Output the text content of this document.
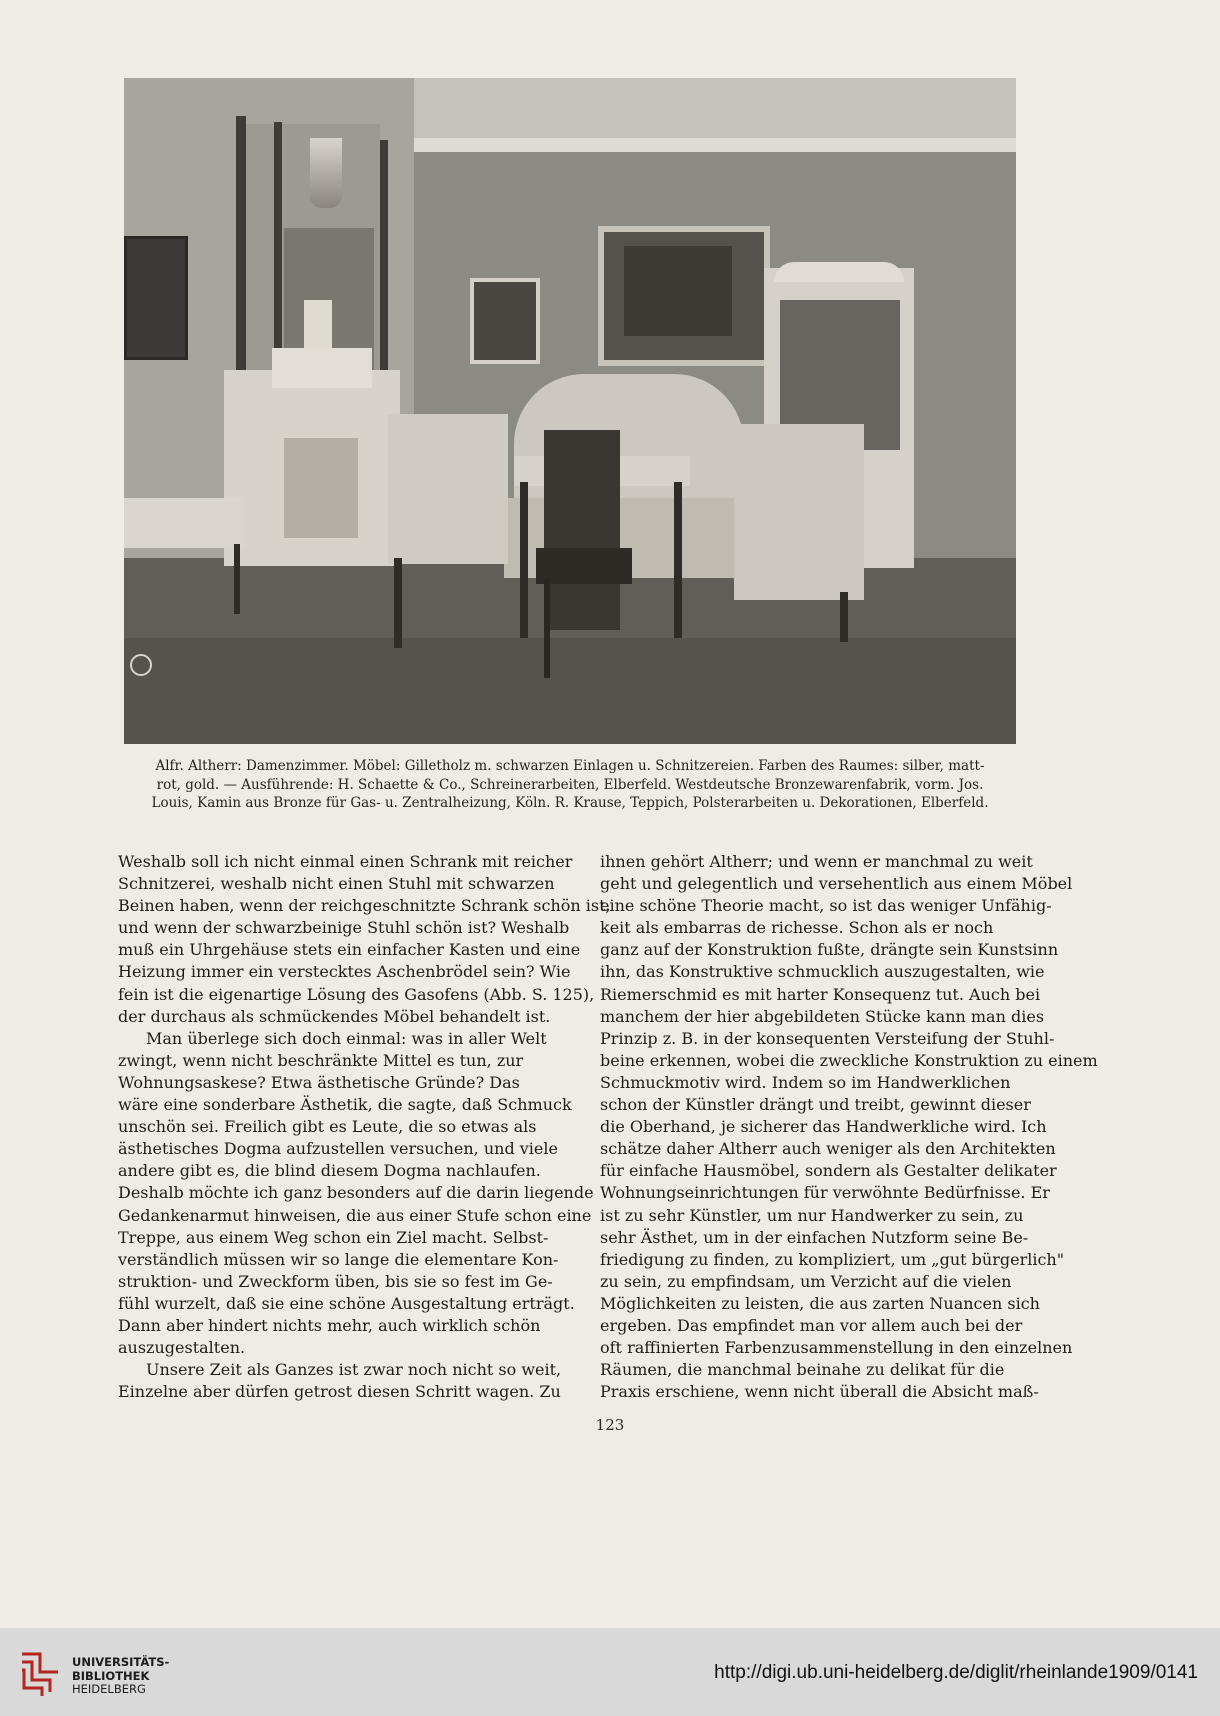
Alfr. Altherr: Damenzimmer. Möbel: Gilletholz m. schwarzen Einlagen u. Schnitzereien. Farben des Raumes: silber, matt-
rot, gold. — Ausführende: H. Schaette & Co., Schreinerarbeiten, Elberfeld. Westdeutsche Bronzewarenfabrik, vorm. Jos.
Louis, Kamin aus Bronze für Gas- u. Zentralheizung, Köln. R. Krause, Teppich, Polsterarbeiten u. Dekorationen, Elberfeld.
Weshalb soll ich nicht einmal einen Schrank mit reicher
Schnitzerei, weshalb nicht einen Stuhl mit schwarzen
Beinen haben, wenn der reichgeschnitzte Schrank schön ist,
und wenn der schwarzbeinige Stuhl schön ist? Weshalb
muß ein Uhrgehäuse stets ein einfacher Kasten und eine
Heizung immer ein verstecktes Aschenbrödel sein? Wie
fein ist die eigenartige Lösung des Gasofens (Abb. S. 125),
der durchaus als schmückendes Möbel behandelt ist.
Man überlege sich doch einmal: was in aller Welt
zwingt, wenn nicht beschränkte Mittel es tun, zur
Wohnungsaskese? Etwa ästhetische Gründe? Das
wäre eine sonderbare Ästhetik, die sagte, daß Schmuck
unschön sei. Freilich gibt es Leute, die so etwas als
ästhetisches Dogma aufzustellen versuchen, und viele
andere gibt es, die blind diesem Dogma nachlaufen.
Deshalb möchte ich ganz besonders auf die darin liegende
Gedankenarmut hinweisen, die aus einer Stufe schon eine
Treppe, aus einem Weg schon ein Ziel macht. Selbst-
verständlich müssen wir so lange die elementare Kon-
struktion- und Zweckform üben, bis sie so fest im Ge-
fühl wurzelt, daß sie eine schöne Ausgestaltung erträgt.
Dann aber hindert nichts mehr, auch wirklich schön
auszugestalten.
Unsere Zeit als Ganzes ist zwar noch nicht so weit,
Einzelne aber dürfen getrost diesen Schritt wagen. Zu
ihnen gehört Altherr; und wenn er manchmal zu weit
geht und gelegentlich und versehentlich aus einem Möbel
eine schöne Theorie macht, so ist das weniger Unfähig-
keit als embarras de richesse. Schon als er noch
ganz auf der Konstruktion fußte, drängte sein Kunstsinn
ihn, das Konstruktive schmucklich auszugestalten, wie
Riemerschmid es mit harter Konsequenz tut. Auch bei
manchem der hier abgebildeten Stücke kann man dies
Prinzip z. B. in der konsequenten Versteifung der Stuhl-
beine erkennen, wobei die zweckliche Konstruktion zu einem
Schmuckmotiv wird. Indem so im Handwerklichen
schon der Künstler drängt und treibt, gewinnt dieser
die Oberhand, je sicherer das Handwerkliche wird. Ich
schätze daher Altherr auch weniger als den Architekten
für einfache Hausmöbel, sondern als Gestalter delikater
Wohnungseinrichtungen für verwöhnte Bedürfnisse. Er
ist zu sehr Künstler, um nur Handwerker zu sein, zu
sehr Ästhet, um in der einfachen Nutzform seine Be-
friedigung zu finden, zu kompliziert, um „gut bürgerlich"
zu sein, zu empfindsam, um Verzicht auf die vielen
Möglichkeiten zu leisten, die aus zarten Nuancen sich
ergeben. Das empfindet man vor allem auch bei der
oft raffinierten Farbenzusammenstellung in den einzelnen
Räumen, die manchmal beinahe zu delikat für die
Praxis erschiene, wenn nicht überall die Absicht maß-
123
UNIVERSITÄTS-
BIBLIOTHEK
HEIDELBERG
http://digi.ub.uni-heidelberg.de/diglit/rheinlande1909/0141
